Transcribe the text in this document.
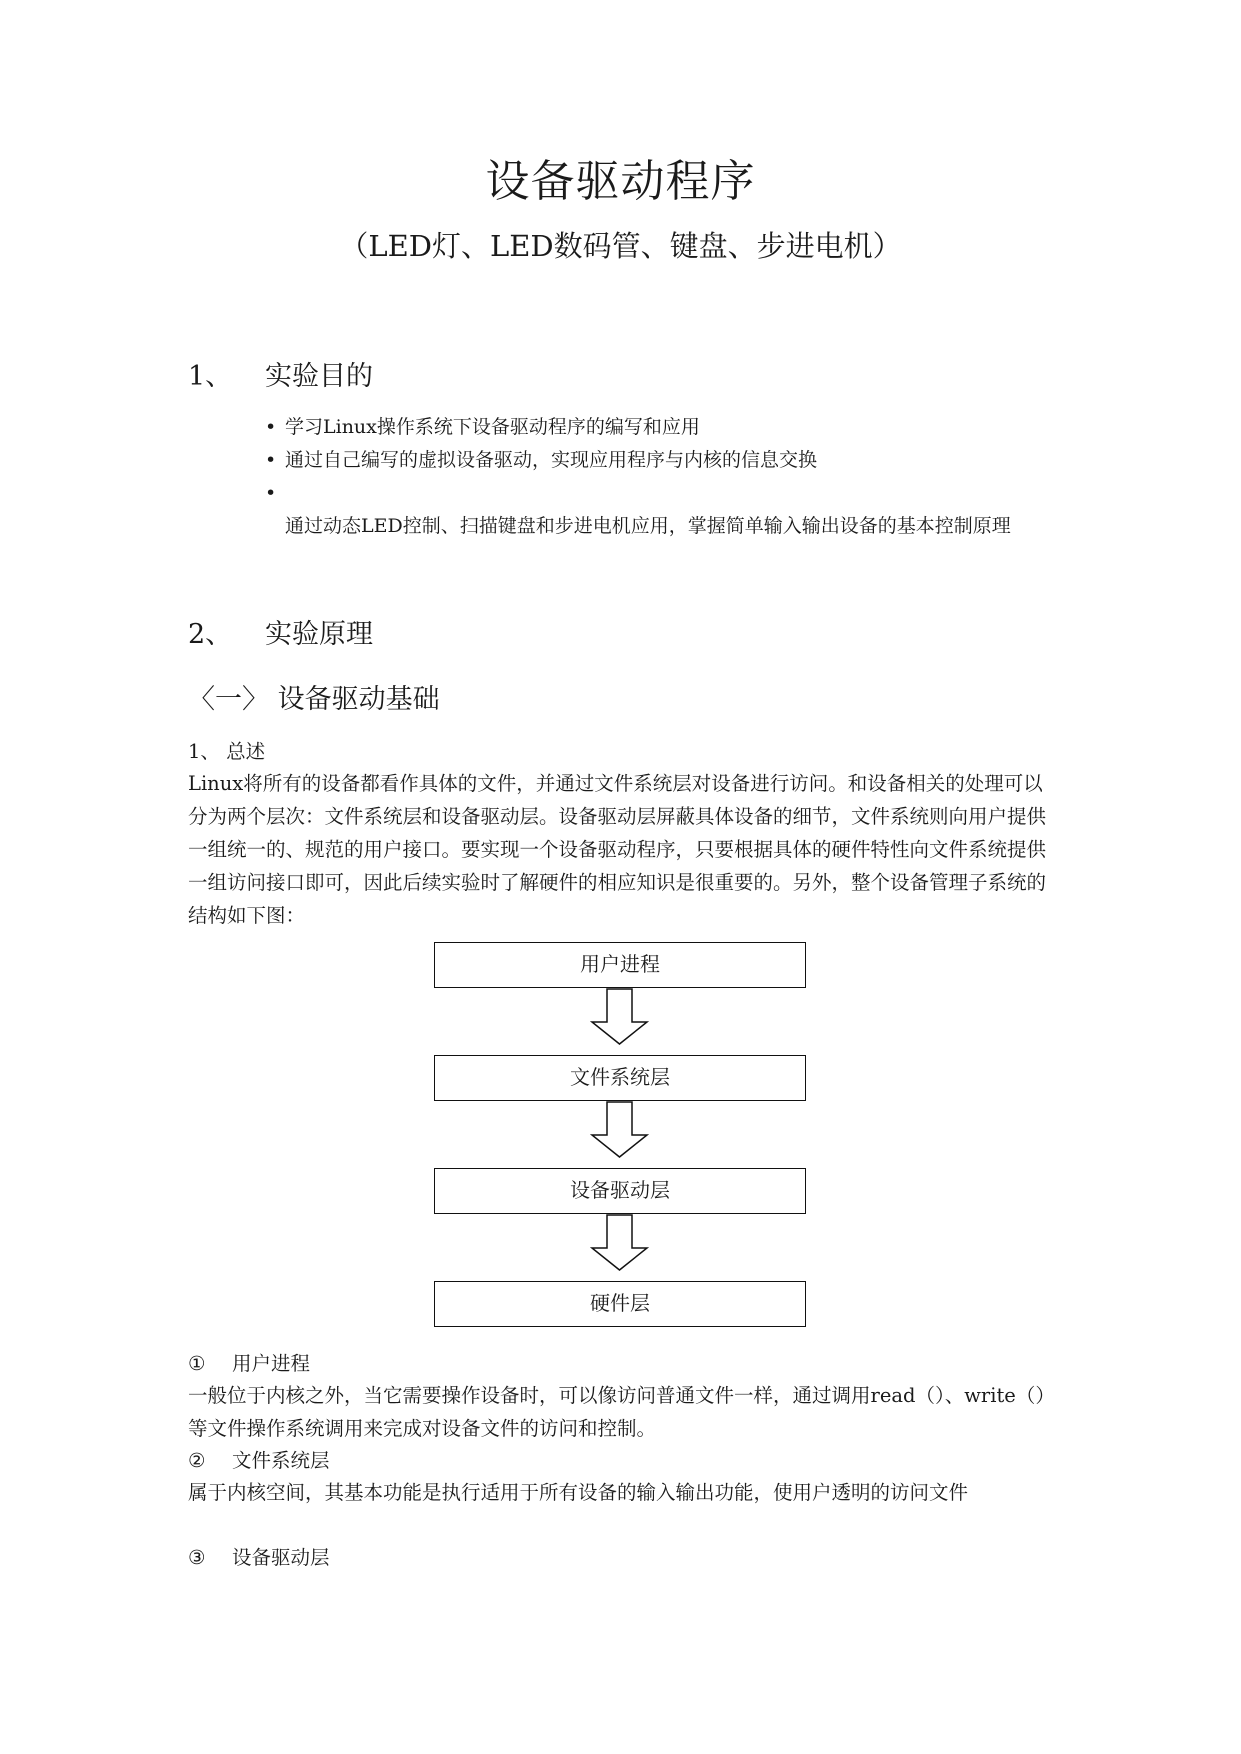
设备驱动程序
（LED灯、LED数码管、键盘、步进电机）
1、 实验目的
• 学习Linux操作系统下设备驱动程序的编写和应用
• 通过自己编写的虚拟设备驱动，实现应用程序与内核的信息交换
•
通过动态LED控制、扫描键盘和步进电机应用，掌握简单输入输出设备的基本控制原理
2、 实验原理
〈一〉 设备驱动基础
1、 总述

Linux将所有的设备都看作具体的文件，并通过文件系统层对设备进行访问。和设备相关的处理可以分为两个层次：文件系统层和设备驱动层。设备驱动层屏蔽具体设备的细节，文件系统则向用户提供一组统一的、规范的用户接口。要实现一个设备驱动程序，只要根据具体的硬件特性向文件系统提供一组访问接口即可，因此后续实验时了解硬件的相应知识是很重要的。另外，整个设备管理子系统的结构如下图：

用户进程
文件系统层
设备驱动层
硬件层
① 用户进程

一般位于内核之外，当它需要操作设备时，可以像访问普通文件一样，通过调用read（）、write（）等文件操作系统调用来完成对设备文件的访问和控制。

② 文件系统层

属于内核空间，其基本功能是执行适用于所有设备的输入输出功能，使用户透明的访问文件

③ 设备驱动层
